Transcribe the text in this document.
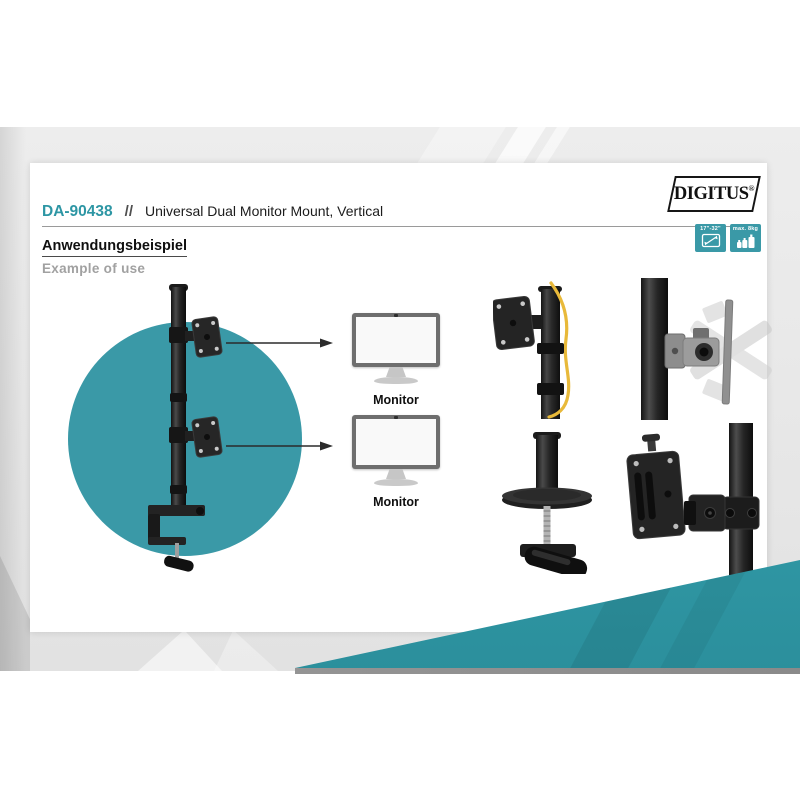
DIGITUS®
DA-90438 // Universal Dual Monitor Mount, Vertical
Anwendungsbeispiel
Example of use
17"-32"	max. 8kg
Monitor
Monitor
